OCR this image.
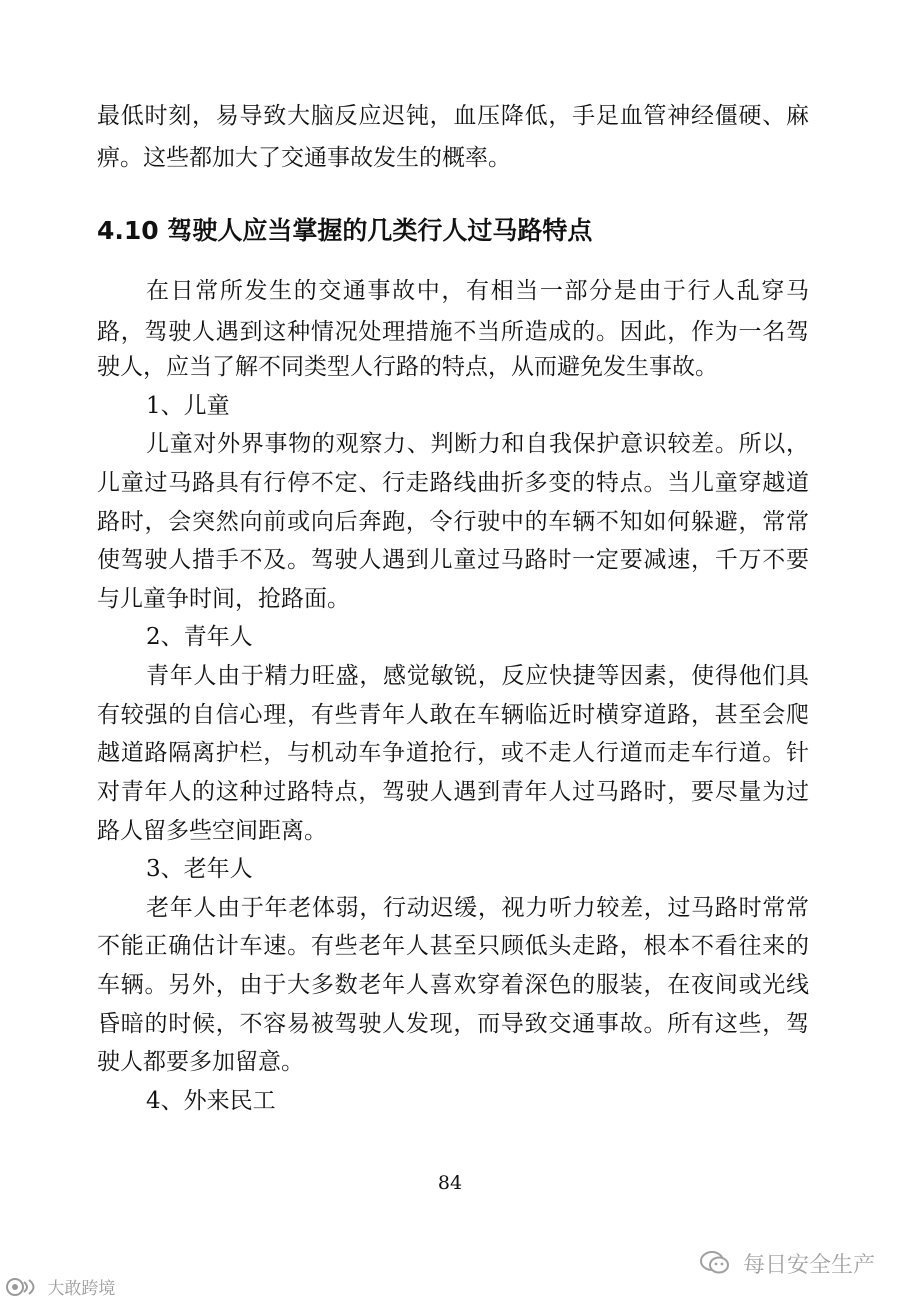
最低时刻，易导致大脑反应迟钝，血压降低，手足血管神经僵硬、麻
痹。这些都加大了交通事故发生的概率。
4.10 驾驶人应当掌握的几类行人过马路特点
在日常所发生的交通事故中，有相当一部分是由于行人乱穿马
路，驾驶人遇到这种情况处理措施不当所造成的。因此，作为一名驾
驶人，应当了解不同类型人行路的特点，从而避免发生事故。
1、儿童
儿童对外界事物的观察力、判断力和自我保护意识较差。所以，
儿童过马路具有行停不定、行走路线曲折多变的特点。当儿童穿越道
路时，会突然向前或向后奔跑，令行驶中的车辆不知如何躲避，常常
使驾驶人措手不及。驾驶人遇到儿童过马路时一定要减速，千万不要
与儿童争时间，抢路面。
2、青年人
青年人由于精力旺盛，感觉敏锐，反应快捷等因素，使得他们具
有较强的自信心理，有些青年人敢在车辆临近时横穿道路，甚至会爬
越道路隔离护栏，与机动车争道抢行，或不走人行道而走车行道。针
对青年人的这种过路特点，驾驶人遇到青年人过马路时，要尽量为过
路人留多些空间距离。
3、老年人
老年人由于年老体弱，行动迟缓，视力听力较差，过马路时常常
不能正确估计车速。有些老年人甚至只顾低头走路，根本不看往来的
车辆。另外，由于大多数老年人喜欢穿着深色的服装，在夜间或光线
昏暗的时候，不容易被驾驶人发现，而导致交通事故。所有这些，驾
驶人都要多加留意。
4、外来民工
84
大敢跨境
每日安全生产
